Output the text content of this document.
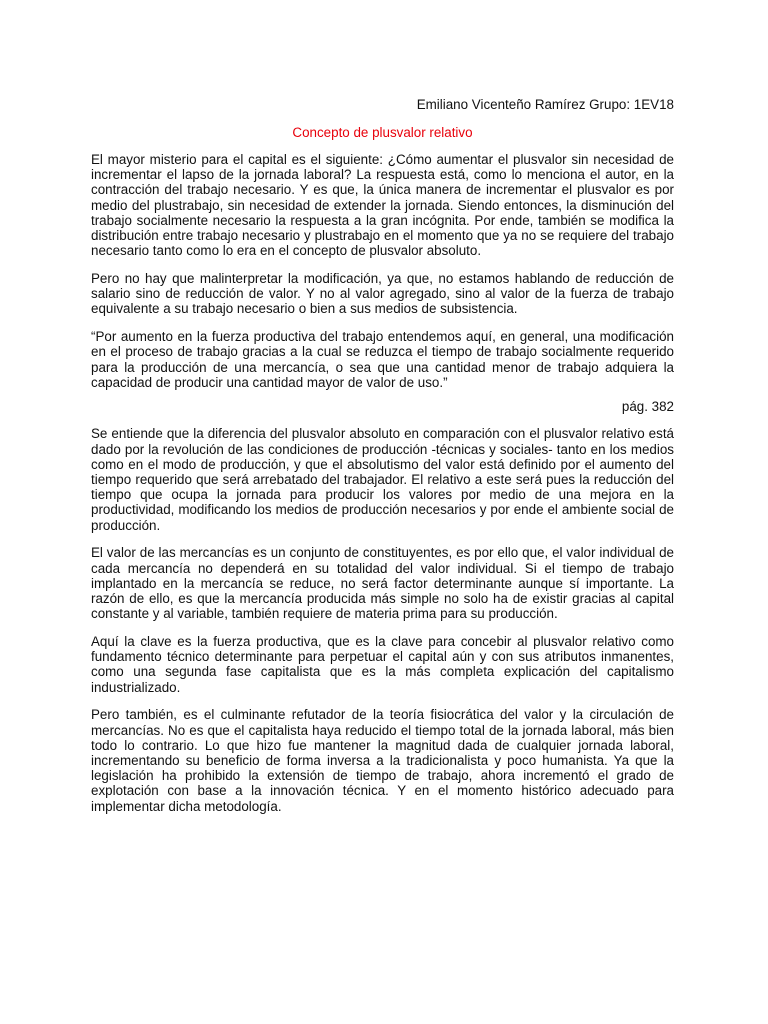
Emiliano Vicenteño Ramírez Grupo: 1EV18

Concepto de plusvalor relativo

El mayor misterio para el capital es el siguiente: ¿Cómo aumentar el plusvalor sin necesidad de incrementar el lapso de la jornada laboral? La respuesta está, como lo menciona el autor, en la contracción del trabajo necesario. Y es que, la única manera de incrementar el plusvalor es por medio del plustrabajo, sin necesidad de extender la jornada. Siendo entonces, la disminución del trabajo socialmente necesario la respuesta a la gran incógnita. Por ende, también se modifica la distribución entre trabajo necesario y plustrabajo en el momento que ya no se requiere del trabajo necesario tanto como lo era en el concepto de plusvalor absoluto.

Pero no hay que malinterpretar la modificación, ya que, no estamos hablando de reducción de salario sino de reducción de valor. Y no al valor agregado, sino al valor de la fuerza de trabajo equivalente a su trabajo necesario o bien a sus medios de subsistencia.

“Por aumento en la fuerza productiva del trabajo entendemos aquí, en general, una modificación en el proceso de trabajo gracias a la cual se reduzca el tiempo de trabajo socialmente requerido para la producción de una mercancía, o sea que una cantidad menor de trabajo adquiera la capacidad de producir una cantidad mayor de valor de uso.”

pág. 382

Se entiende que la diferencia del plusvalor absoluto en comparación con el plusvalor relativo está dado por la revolución de las condiciones de producción -técnicas y sociales- tanto en los medios como en el modo de producción, y que el absolutismo del valor está definido por el aumento del tiempo requerido que será arrebatado del trabajador. El relativo a este será pues la reducción del tiempo que ocupa la jornada para producir los valores por medio de una mejora en la productividad, modificando los medios de producción necesarios y por ende el ambiente social de producción.

El valor de las mercancías es un conjunto de constituyentes, es por ello que, el valor individual de cada mercancía no dependerá en su totalidad del valor individual. Si el tiempo de trabajo implantado en la mercancía se reduce, no será factor determinante aunque sí importante. La razón de ello, es que la mercancía producida más simple no solo ha de existir gracias al capital constante y al variable, también requiere de materia prima para su producción.

Aquí la clave es la fuerza productiva, que es la clave para concebir al plusvalor relativo como fundamento técnico determinante para perpetuar el capital aún y con sus atributos inmanentes, como una segunda fase capitalista que es la más completa explicación del capitalismo industrializado.

Pero también, es el culminante refutador de la teoría fisiocrática del valor y la circulación de mercancías. No es que el capitalista haya reducido el tiempo total de la jornada laboral, más bien todo lo contrario. Lo que hizo fue mantener la magnitud dada de cualquier jornada laboral, incrementando su beneficio de forma inversa a la tradicionalista y poco humanista. Ya que la legislación ha prohibido la extensión de tiempo de trabajo, ahora incrementó el grado de explotación con base a la innovación técnica. Y en el momento histórico adecuado para implementar dicha metodología.
